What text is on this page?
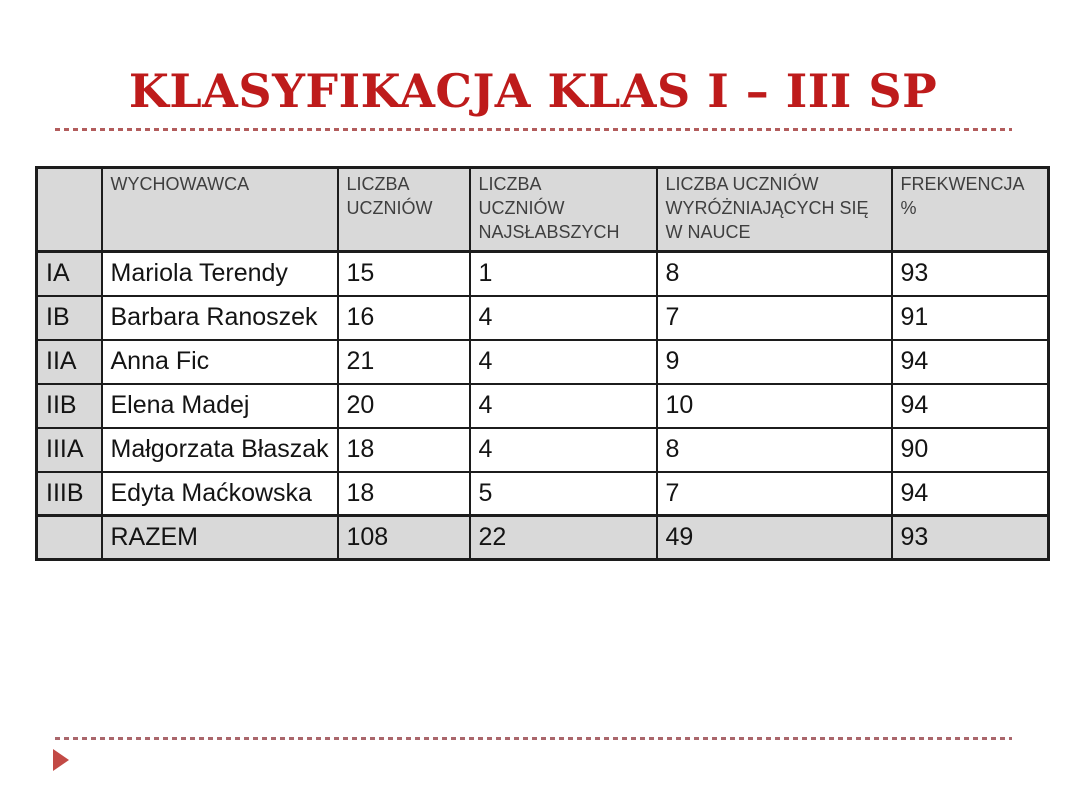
KLASYFIKACJA KLAS I – III SP

	WYCHOWAWCA	LICZBA UCZNIÓW	LICZBA UCZNIÓW NAJSŁABSZYCH	LICZBA UCZNIÓW WYRÓŻNIAJĄCYCH SIĘ W NAUCE	FREKWENCJA %

IA	Mariola Terendy	15	1	8	93
IB	Barbara Ranoszek	16	4	7	91
IIA	Anna Fic	21	4	9	94
IIB	Elena Madej	20	4	10	94
IIIA	Małgorzata Błaszak	18	4	8	90
IIIB	Edyta Maćkowska	18	5	7	94
	RAZEM	108	22	49	93
